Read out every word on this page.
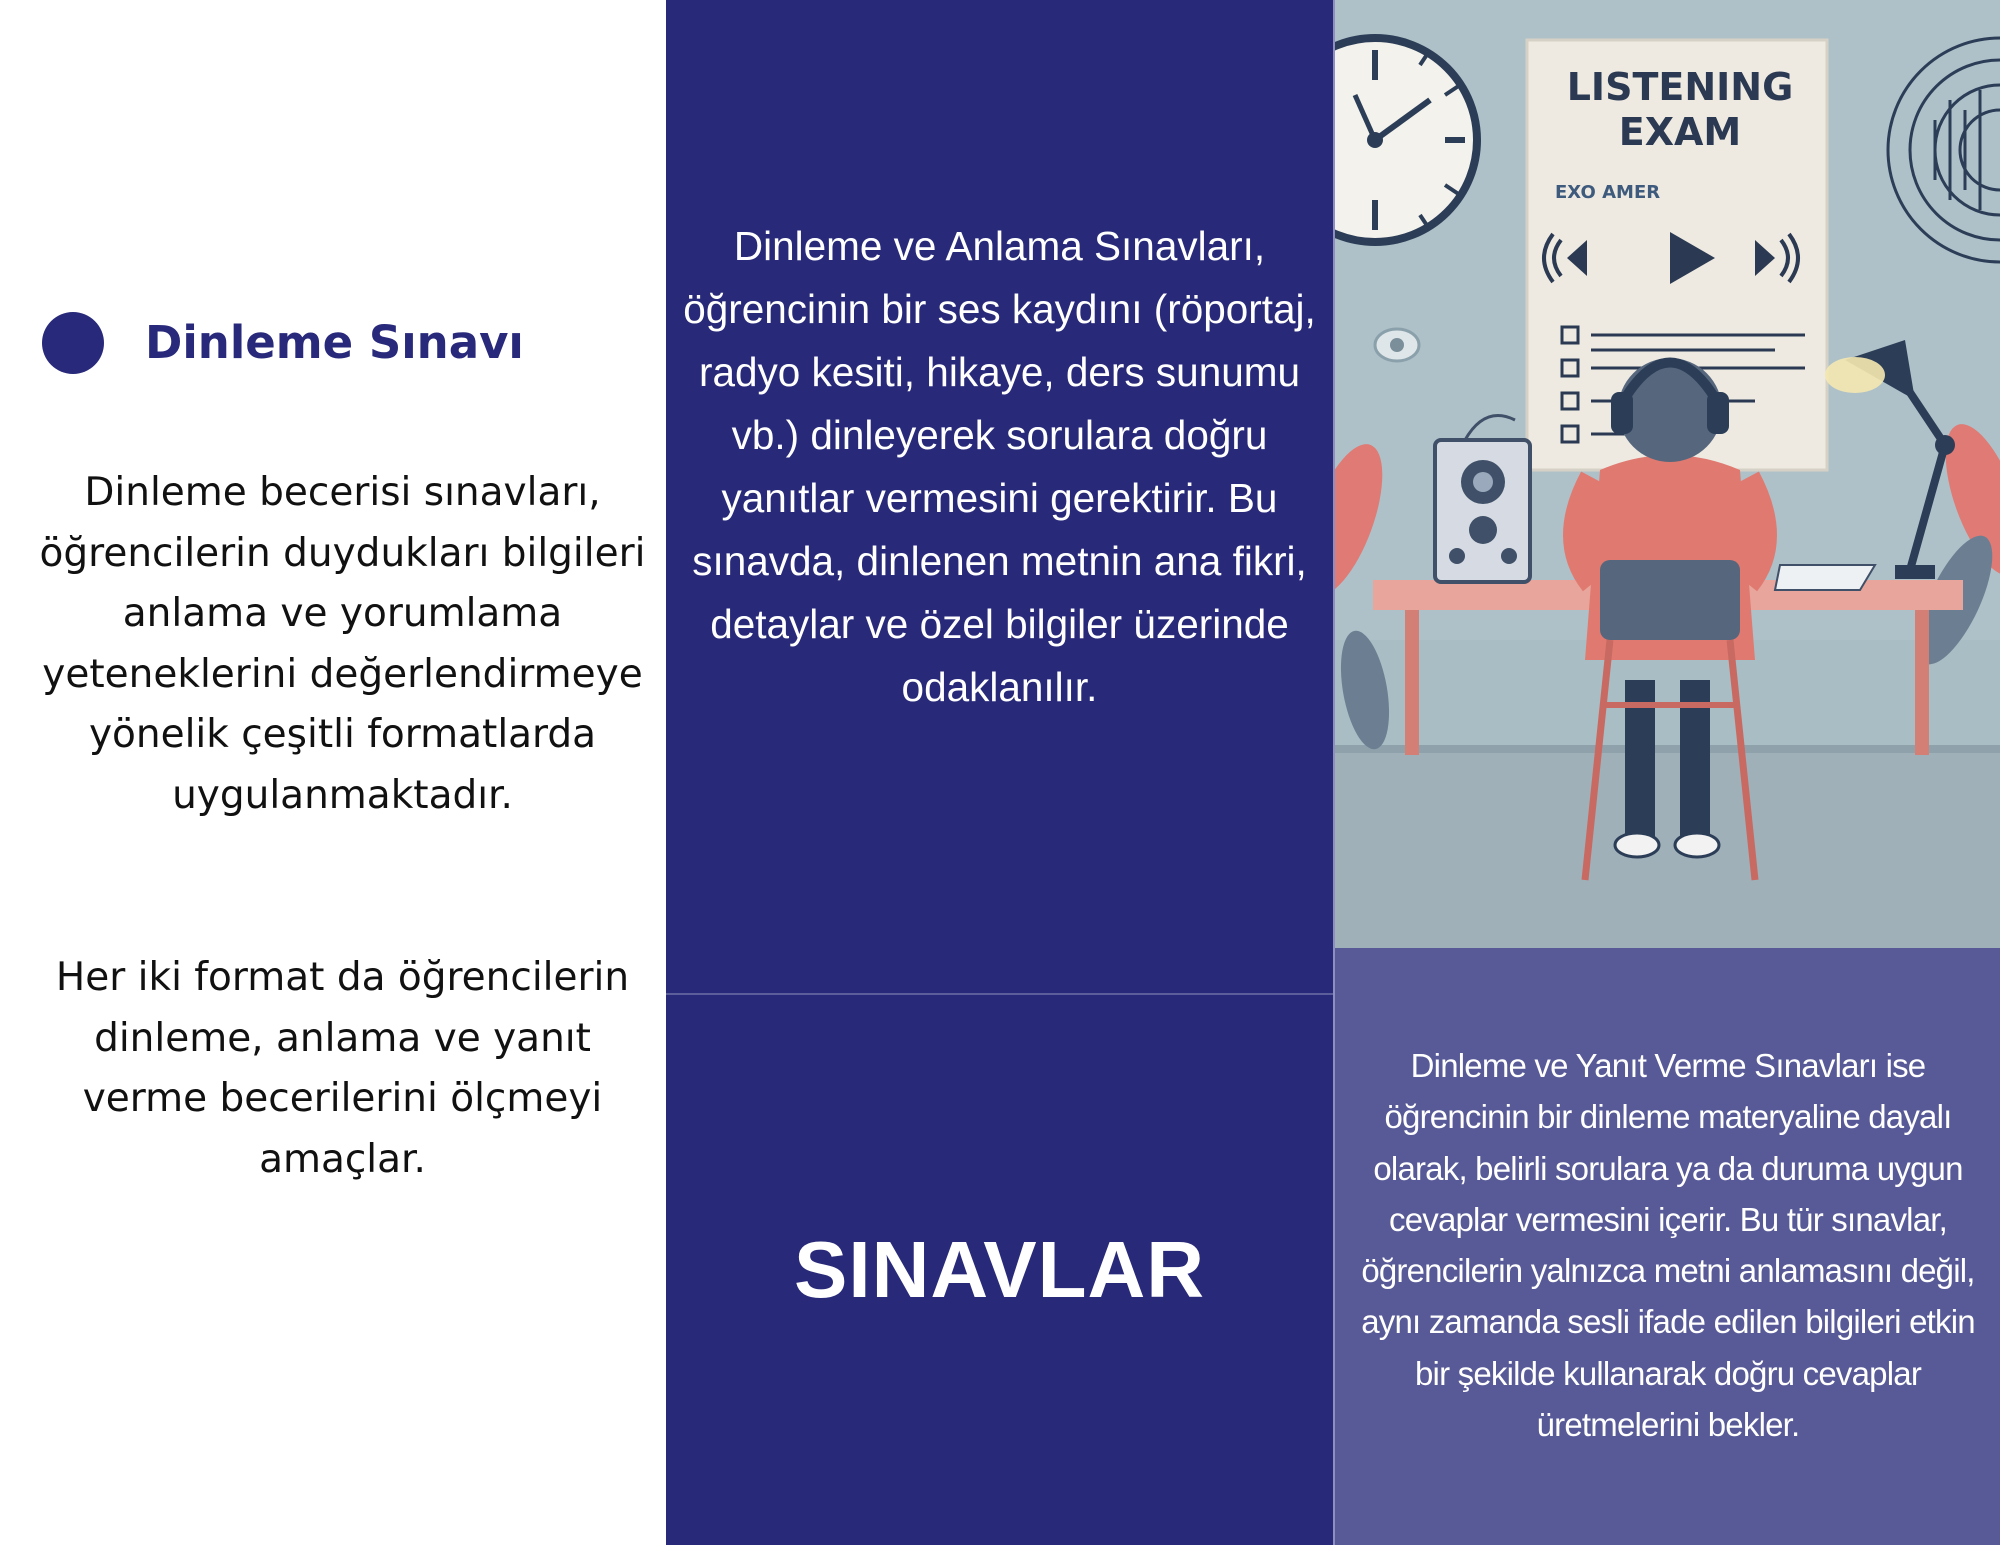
Dinleme Sınavı
Dinleme becerisi sınavları, öğrencilerin duydukları bilgileri anlama ve yorumlama yeteneklerini değerlendirmeye yönelik çeşitli formatlarda uygulanmaktadır.
Her iki format da öğrencilerin dinleme, anlama ve yanıt verme becerilerini ölçmeyi amaçlar.
Dinleme ve Anlama Sınavları, öğrencinin bir ses kaydını (röportaj, radyo kesiti, hikaye, ders sunumu vb.) dinleyerek sorulara doğru yanıtlar vermesini gerektirir. Bu sınavda, dinlenen metnin ana fikri, detaylar ve özel bilgiler üzerinde odaklanılır.
SINAVLAR
LISTENING
EXAM
EXO AMER
Dinleme ve Yanıt Verme Sınavları ise öğrencinin bir dinleme materyaline dayalı olarak, belirli sorulara ya da duruma uygun cevaplar vermesini içerir. Bu tür sınavlar, öğrencilerin yalnızca metni anlamasını değil, aynı zamanda sesli ifade edilen bilgileri etkin bir şekilde kullanarak doğru cevaplar üretmelerini bekler.
